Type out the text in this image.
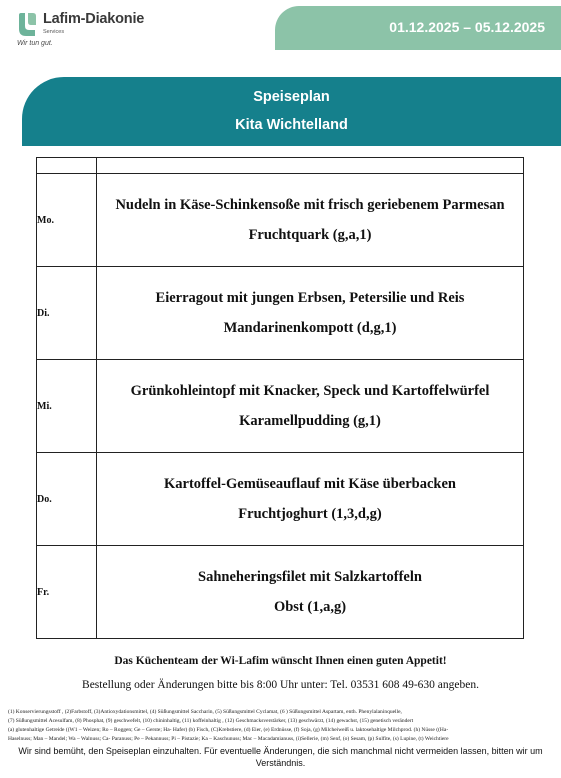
Lafim-Diakonie
Services
Wir tun gut.
01.12.2025 – 05.12.2025
Speiseplan
Kita Wichtelland

Mo.	Nudeln in Käse-Schinkensoße mit frisch geriebenem Parmesan
Fruchtquark (g,a,1)

Di.	Eierragout mit jungen Erbsen, Petersilie und Reis
Mandarinenkompott (d,g,1)

Mi.	Grünkohleintopf mit Knacker, Speck und Kartoffelwürfel
Karamellpudding (g,1)

Do.	Kartoffel-Gemüseauflauf mit Käse überbacken
Fruchtjoghurt (1,3,d,g)

Fr.	Sahneheringsfilet mit Salzkartoffeln
Obst (1,a,g)
Das Küchenteam der Wi-Lafim wünscht Ihnen einen guten Appetit!
Bestellung oder Änderungen bitte bis 8:00 Uhr unter: Tel. 03531 608 49-630 angeben.
(1) Konservierungsstoff , (2)Farbstoff, (3)Antioxydationsmittel, (4) Süßungsmittel Saccharin, (5) Süßungsmittel Cyclamat, (6 ) Süßungsmittel Aspartam, enth. Phenylalaninquelle,
(7) Süßungsmittel Acesulfam, (8) Phosphat, (9) geschwefelt, (10) chininhaltig, (11) koffeinhaltig , (12) Geschmacksverstärker, (13) geschwärzt, (14) gewachst, (15) genetisch verändert
(a) glutenhaltige Getreide ((W1 – Weizen; Ro – Roggen; Ge – Gerste; Ha- Hafer) (b) Fisch, (C)Krebstiere, (d) Eier, (e) Erdnüsse, (f) Soja, (g) Milcheiweiß u. laktosehaltige Milchprod. (h) Nüsse ((Ha-
Haselnuss; Man – Mandel; Wa – Walnuss; Ca- Paranuss; Pe – Pekannuss; Pi – Pistazie; Ka – Kaschunuss; Mac – Macadamianuss, (i)Sellerie, (m) Senf, (o) Sesam, (p) Sulfite, (s) Lupine, (t) Weichtiere
Wir sind bemüht, den Speiseplan einzuhalten. Für eventuelle Änderungen, die sich manchmal nicht vermeiden lassen, bitten wir um Verständnis.
